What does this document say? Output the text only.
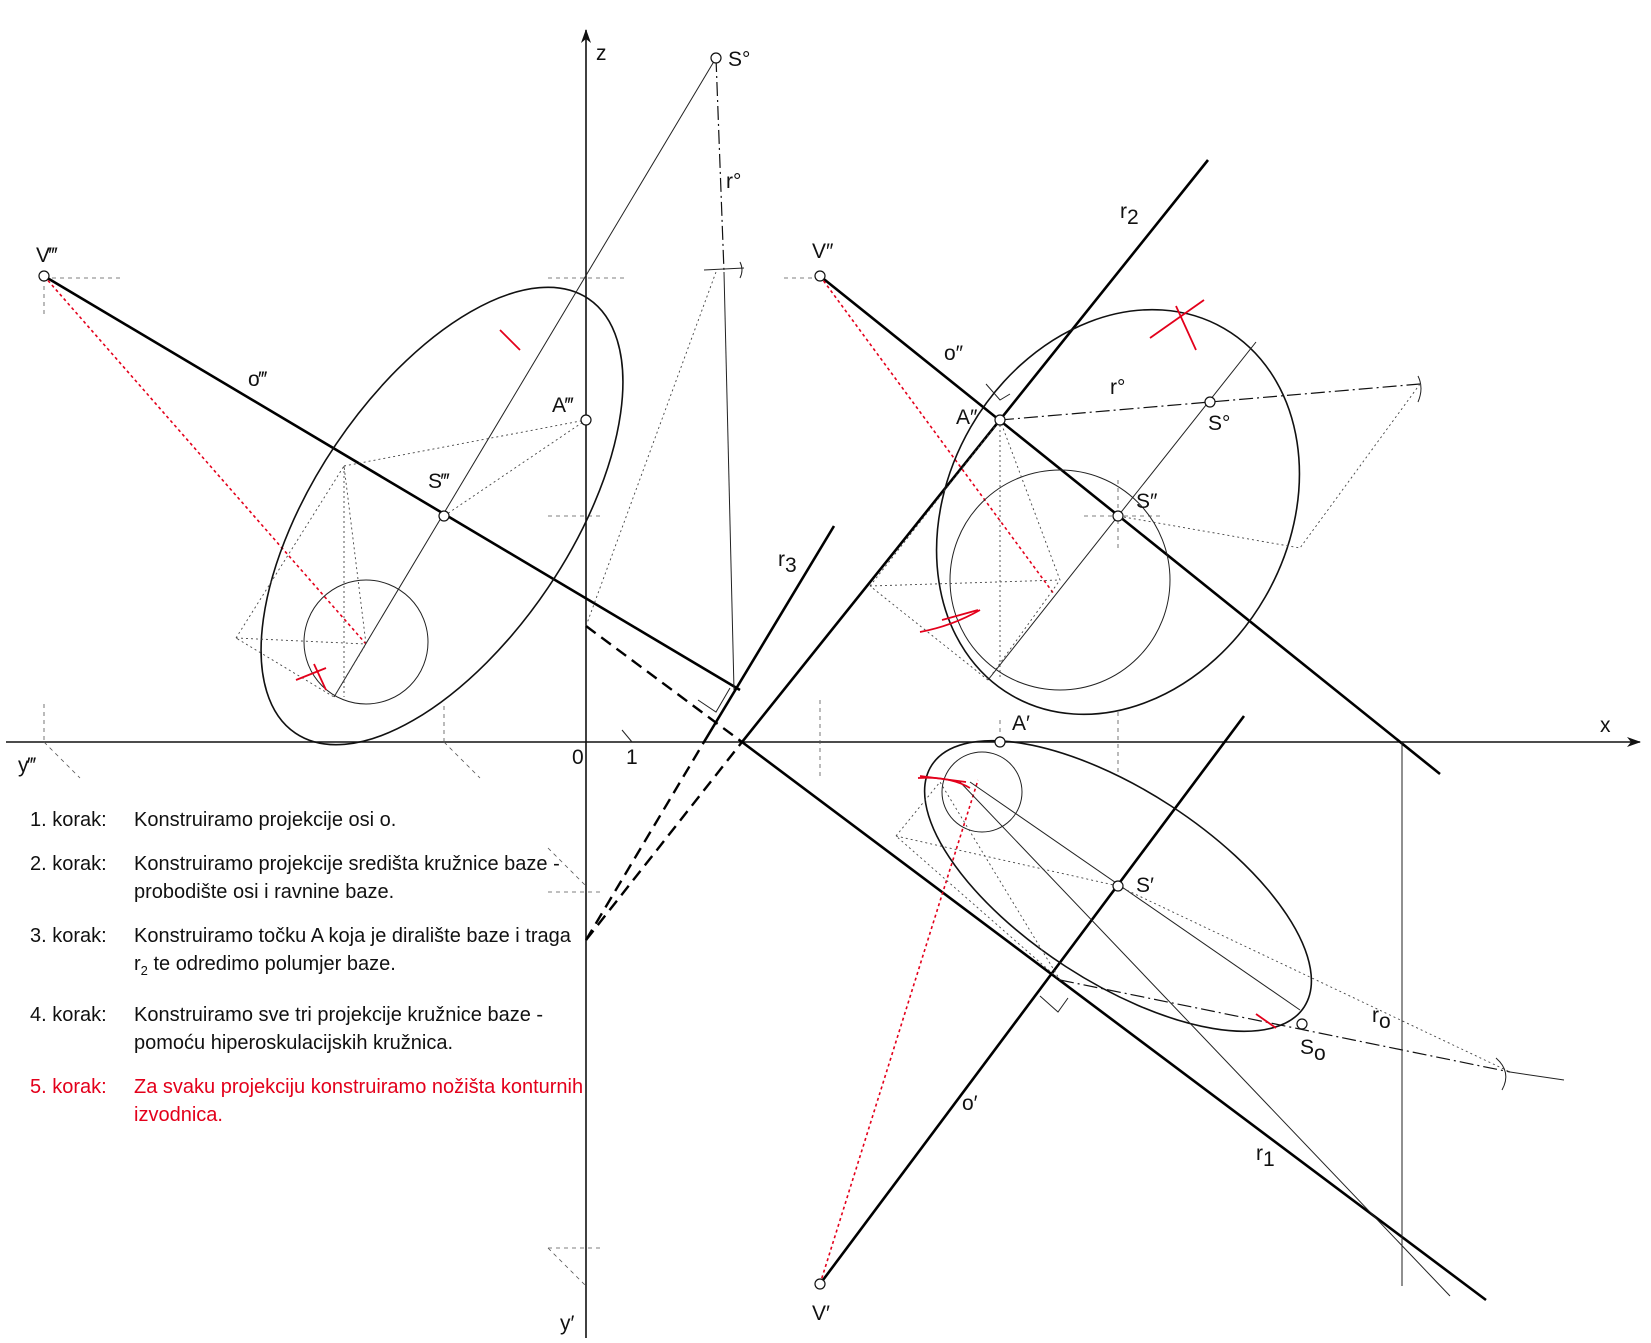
z
x
y‴
y′
0 1
S°
r°
V‴
o‴
S‴
A‴
r3
r2
V″
o″
A″
r°
S°
S″
A′
S′
ro
So
o′
r1
V′
1. korak: Konstruiramo projekcije osi o.
2. korak: Konstruiramo projekcije središta kružnice baze - probodište osi i ravnine baze.
3. korak: Konstruiramo točku A koja je diralište baze i traga $r_2$ te odredimo polumjer baze.
4. korak: Konstruiramo sve tri projekcije kružnice baze - pomoću hiperoskulacijskih kružnica.
5. korak: Za svaku projekciju konstruiramo nožišta konturnih izvodnica.
